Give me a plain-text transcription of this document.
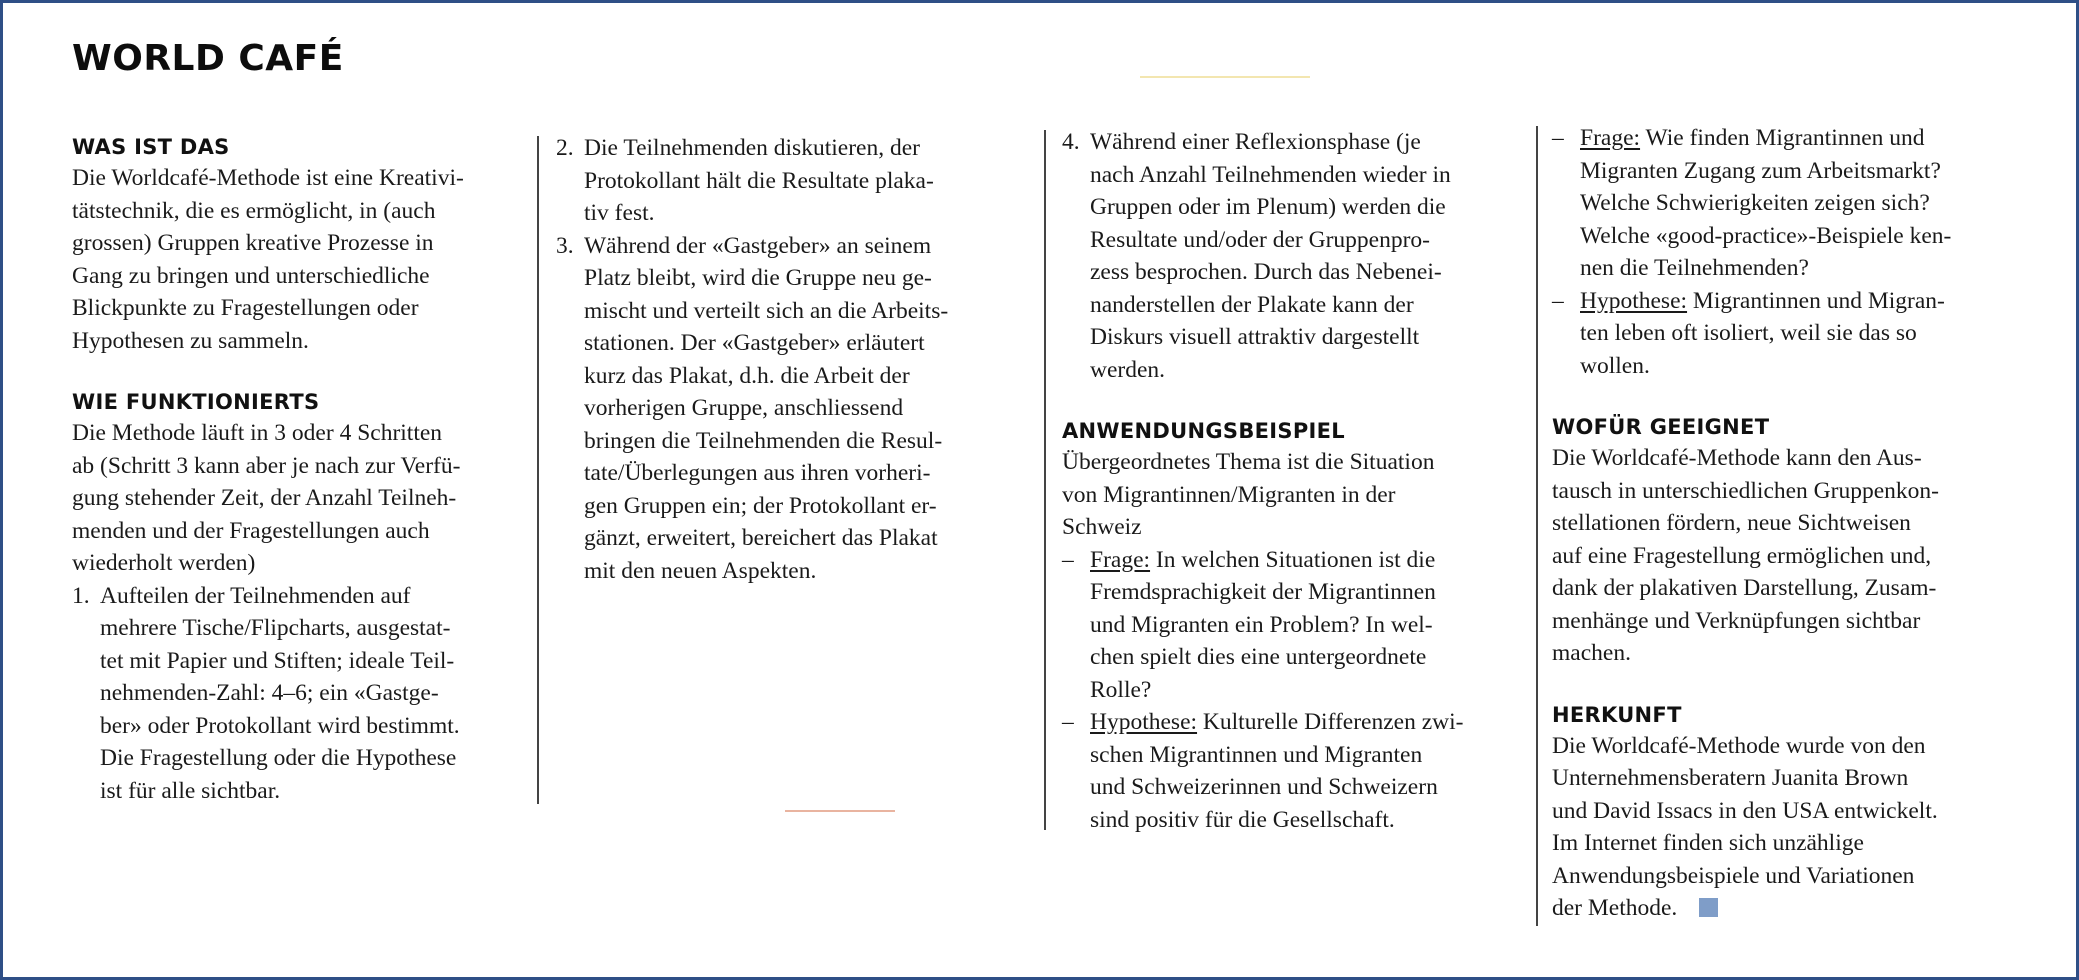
WORLD CAFÉ
WAS IST DAS

Die Worldcafé-Methode ist eine Kreativi-
tätstechnik, die es ermöglicht, in (auch
grossen) Gruppen kreative Prozesse in
Gang zu bringen und unterschiedliche
Blickpunkte zu Fragestellungen oder
Hypothesen zu sammeln.

WIE FUNKTIONIERTS

Die Methode läuft in 3 oder 4 Schritten
ab (Schritt 3 kann aber je nach zur Verfü-
gung stehender Zeit, der Anzahl Teilneh-
menden und der Fragestellungen auch
wiederholt werden)

1. Aufteilen der Teilnehmenden auf
mehrere Tische/Flipcharts, ausgestat-
tet mit Papier und Stiften; ideale Teil-
nehmenden-Zahl: 4–6; ein «Gastge-
ber» oder Protokollant wird bestimmt.
Die Fragestellung oder die Hypothese
ist für alle sichtbar.
2. Die Teilnehmenden diskutieren, der
Protokollant hält die Resultate plaka-
tiv fest.
3. Während der «Gastgeber» an seinem
Platz bleibt, wird die Gruppe neu ge-
mischt und verteilt sich an die Arbeits-
stationen. Der «Gastgeber» erläutert
kurz das Plakat, d.h. die Arbeit der
vorherigen Gruppe, anschliessend
bringen die Teilnehmenden die Resul-
tate/Überlegungen aus ihren vorheri-
gen Gruppen ein; der Protokollant er-
gänzt, erweitert, bereichert das Plakat
mit den neuen Aspekten.
4. Während einer Reflexionsphase (je
nach Anzahl Teilnehmenden wieder in
Gruppen oder im Plenum) werden die
Resultate und/oder der Gruppenpro-
zess besprochen. Durch das Nebenei-
nanderstellen der Plakate kann der
Diskurs visuell attraktiv dargestellt
werden.
ANWENDUNGSBEISPIEL

Übergeordnetes Thema ist die Situation
von Migrantinnen/Migranten in der
Schweiz

– Frage: In welchen Situationen ist die
Fremdsprachigkeit der Migrantinnen
und Migranten ein Problem? In wel-
chen spielt dies eine untergeordnete
Rolle?
– Hypothese: Kulturelle Differenzen zwi-
schen Migrantinnen und Migranten
und Schweizerinnen und Schweizern
sind positiv für die Gesellschaft.
– Frage: Wie finden Migrantinnen und
Migranten Zugang zum Arbeitsmarkt?
Welche Schwierigkeiten zeigen sich?
Welche «good-practice»-Beispiele ken-
nen die Teilnehmenden?
– Hypothese: Migrantinnen und Migran-
ten leben oft isoliert, weil sie das so
wollen.
WOFÜR GEEIGNET

Die Worldcafé-Methode kann den Aus-
tausch in unterschiedlichen Gruppenkon-
stellationen fördern, neue Sichtweisen
auf eine Fragestellung ermöglichen und,
dank der plakativen Darstellung, Zusam-
menhänge und Verknüpfungen sichtbar
machen.

HERKUNFT

Die Worldcafé-Methode wurde von den
Unternehmensberatern Juanita Brown
und David Issacs in den USA entwickelt.
Im Internet finden sich unzählige
Anwendungsbeispiele und Variationen
der Methode.
